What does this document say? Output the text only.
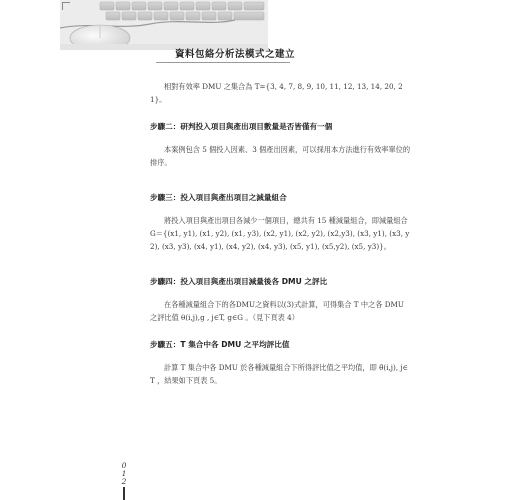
資料包絡分析法模式之建立

相對有效率 DMU 之集合為 T={3, 4, 7, 8, 9, 10, 11, 12, 13, 14, 20, 21}。

步驟二：研判投入項目與產出項目數量是否皆僅有一個

本案例包含 5 個投入因素、3 個產出因素，可以採用本方法進行有效率單位的排序。

步驟三：投入項目與產出項目之減量組合

將投入項目與產出項目各減少一個項目，總共有 15 種減量組合，即減量組合 G＝{(x1, y1), (x1, y2), (x1, y3), (x2, y1), (x2, y2), (x2,y3), (x3, y1), (x3, y2), (x3, y3), (x4, y1), (x4, y2), (x4, y3), (x5, y1), (x5,y2), (x5, y3)}。

步驟四：投入項目與產出項目減量後各 DMU 之評比

在各種減量組合下的各DMU之資料以(3)式計算，可得集合 T 中之各 DMU 之評比值 θ(i,j),g , j∈T, g∈G 。（見下頁表 4）

步驟五：T 集合中各 DMU 之平均評比值

計算 T 集合中各 DMU 於各種減量組合下所得評比值之平均值，即 θ̄(i,j), j∈T ，結果如下頁表 5。

0
1
2
